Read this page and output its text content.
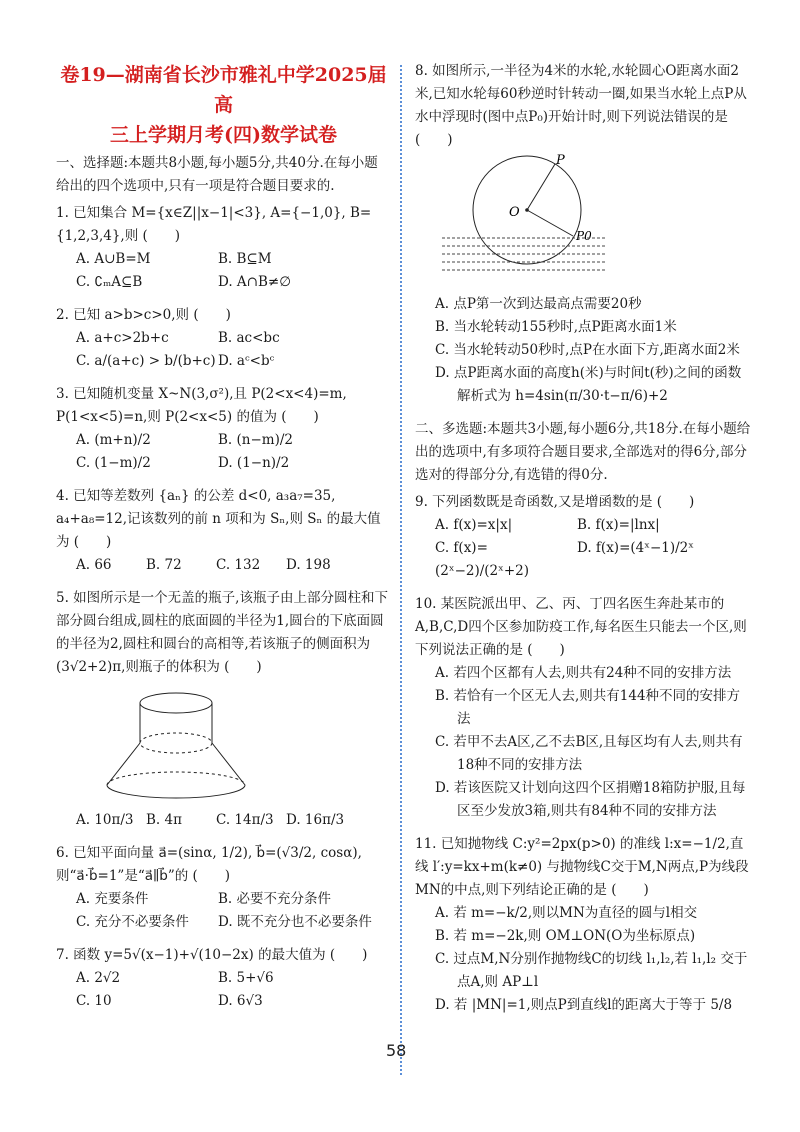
卷19—湖南省长沙市雅礼中学2025届高
三上学期月考(四)数学试卷

一、选择题:本题共8小题,每小题5分,共40分.在每小题给出的四个选项中,只有一项是符合题目要求的.

1. 已知集合 M={x∈Z||x−1|<3}, A={−1,0}, B={1,2,3,4},则 (　　)

A. A∪B=M	B. B⊆M
C. ∁ₘA⊆B	D. A∩B≠∅

2. 已知 a>b>c>0,则 (　　)

A. a+c>2b+c	B. ac<bc
C. a/(a+c) > b/(b+c) D. aᶜ<bᶜ

3. 已知随机变量 X~N(3,σ²),且 P(2<x<4)=m, P(1<x<5)=n,则 P(2<x<5) 的值为 (　　)

A. (m+n)/2	B. (n−m)/2
C. (1−m)/2	D. (1−n)/2

4. 已知等差数列 {aₙ} 的公差 d<0, a₃a₇=35, a₄+a₈=12,记该数列的前 n 项和为 Sₙ,则 Sₙ 的最大值为 (　　)

A. 66	B. 72	C. 132	D. 198

5. 如图所示是一个无盖的瓶子,该瓶子由上部分圆柱和下部分圆台组成,圆柱的底面圆的半径为1,圆台的下底面圆的半径为2,圆柱和圆台的高相等,若该瓶子的侧面积为(3√2+2)π,则瓶子的体积为 (　　)

A. 10π/3 B. 4π	C. 14π/3 D. 16π/3

6. 已知平面向量 a⃗=(sinα, 1/2), b⃗=(√3/2, cosα),则“a⃗·b⃗=1”是“a⃗∥b⃗”的 (　　)

A. 充要条件	B. 必要不充分条件
C. 充分不必要条件	D. 既不充分也不必要条件

7. 函数 y=5√(x−1)+√(10−2x) 的最大值为 (　　)

A. 2√2	B. 5+√6
C. 10	D. 6√3

8. 如图所示,一半径为4米的水轮,水轮圆心O距离水面2米,已知水轮每60秒逆时针转动一圈,如果当水轮上点P从水中浮现时(图中点P₀)开始计时,则下列说法错误的是 (　　)

O
P
P0

A. 点P第一次到达最高点需要20秒

B. 当水轮转动155秒时,点P距离水面1米

C. 当水轮转动50秒时,点P在水面下方,距离水面2米

D. 点P距离水面的高度h(米)与时间t(秒)之间的函数解析式为 h=4sin(π/30·t−π/6)+2

二、多选题:本题共3小题,每小题6分,共18分.在每小题给出的选项中,有多项符合题目要求,全部选对的得6分,部分选对的得部分分,有选错的得0分.

9. 下列函数既是奇函数,又是增函数的是 (　　)

A. f(x)=x|x|	B. f(x)=|lnx|
C. f(x)=(2ˣ−2)/(2ˣ+2)
D. f(x)=(4ˣ−1)/2ˣ

10. 某医院派出甲、乙、丙、丁四名医生奔赴某市的A,B,C,D四个区参加防疫工作,每名医生只能去一个区,则下列说法正确的是 (　　)

A. 若四个区都有人去,则共有24种不同的安排方法

B. 若恰有一个区无人去,则共有144种不同的安排方法

C. 若甲不去A区,乙不去B区,且每区均有人去,则共有18种不同的安排方法

D. 若该医院又计划向这四个区捐赠18箱防护服,且每区至少发放3箱,则共有84种不同的安排方法

11. 已知抛物线 C:y²=2px(p>0) 的准线 l:x=−1/2,直线 l′:y=kx+m(k≠0) 与抛物线C交于M,N两点,P为线段MN的中点,则下列结论正确的是 (　　)

A. 若 m=−k/2,则以MN为直径的圆与l相交

B. 若 m=−2k,则 OM⊥ON(O为坐标原点)

C. 过点M,N分别作抛物线C的切线 l₁,l₂,若 l₁,l₂ 交于点A,则 AP⊥l

D. 若 |MN|=1,则点P到直线l的距离大于等于 5/8

58
